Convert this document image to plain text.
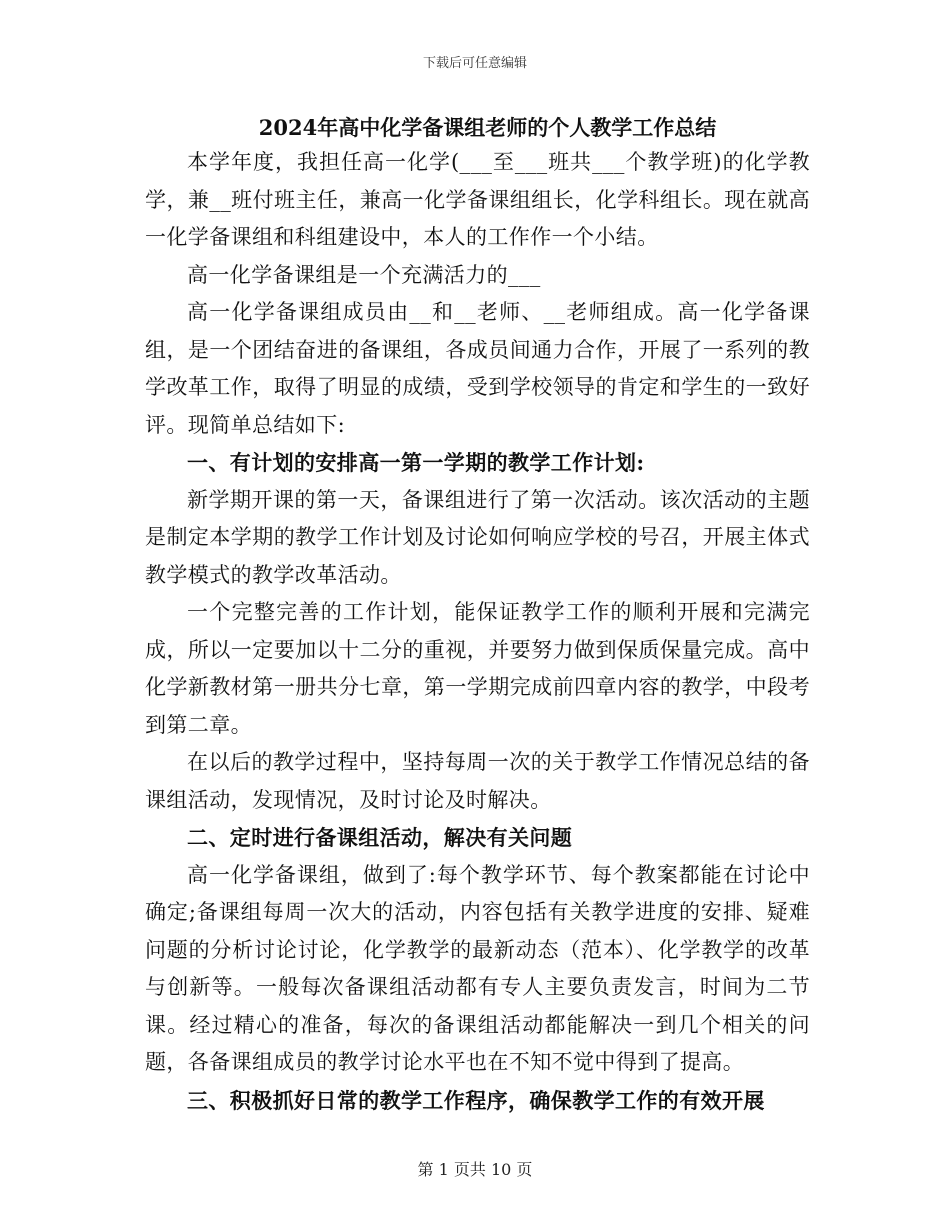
下载后可任意编辑
2024年高中化学备课组老师的个人教学工作总结

本学年度，我担任高一化学(___至___班共___个教学班)的化学教学，兼__班付班主任，兼高一化学备课组组长，化学科组长。现在就高一化学备课组和科组建设中，本人的工作作一个小结。

高一化学备课组是一个充满活力的___

高一化学备课组成员由__和__老师、__老师组成。高一化学备课组，是一个团结奋进的备课组，各成员间通力合作，开展了一系列的教学改革工作，取得了明显的成绩，受到学校领导的肯定和学生的一致好评。现简单总结如下:

一、有计划的安排高一第一学期的教学工作计划:

新学期开课的第一天，备课组进行了第一次活动。该次活动的主题是制定本学期的教学工作计划及讨论如何响应学校的号召，开展主体式教学模式的教学改革活动。

一个完整完善的工作计划，能保证教学工作的顺利开展和完满完成，所以一定要加以十二分的重视，并要努力做到保质保量完成。高中化学新教材第一册共分七章，第一学期完成前四章内容的教学，中段考到第二章。

在以后的教学过程中，坚持每周一次的关于教学工作情况总结的备课组活动，发现情况，及时讨论及时解决。

二、定时进行备课组活动，解决有关问题

高一化学备课组，做到了:每个教学环节、每个教案都能在讨论中确定;备课组每周一次大的活动，内容包括有关教学进度的安排、疑难问题的分析讨论讨论，化学教学的最新动态（范本）、化学教学的改革与创新等。一般每次备课组活动都有专人主要负责发言，时间为二节课。经过精心的准备，每次的备课组活动都能解决一到几个相关的问题，各备课组成员的教学讨论水平也在不知不觉中得到了提高。

三、积极抓好日常的教学工作程序，确保教学工作的有效开展

第 1 页共 10 页
